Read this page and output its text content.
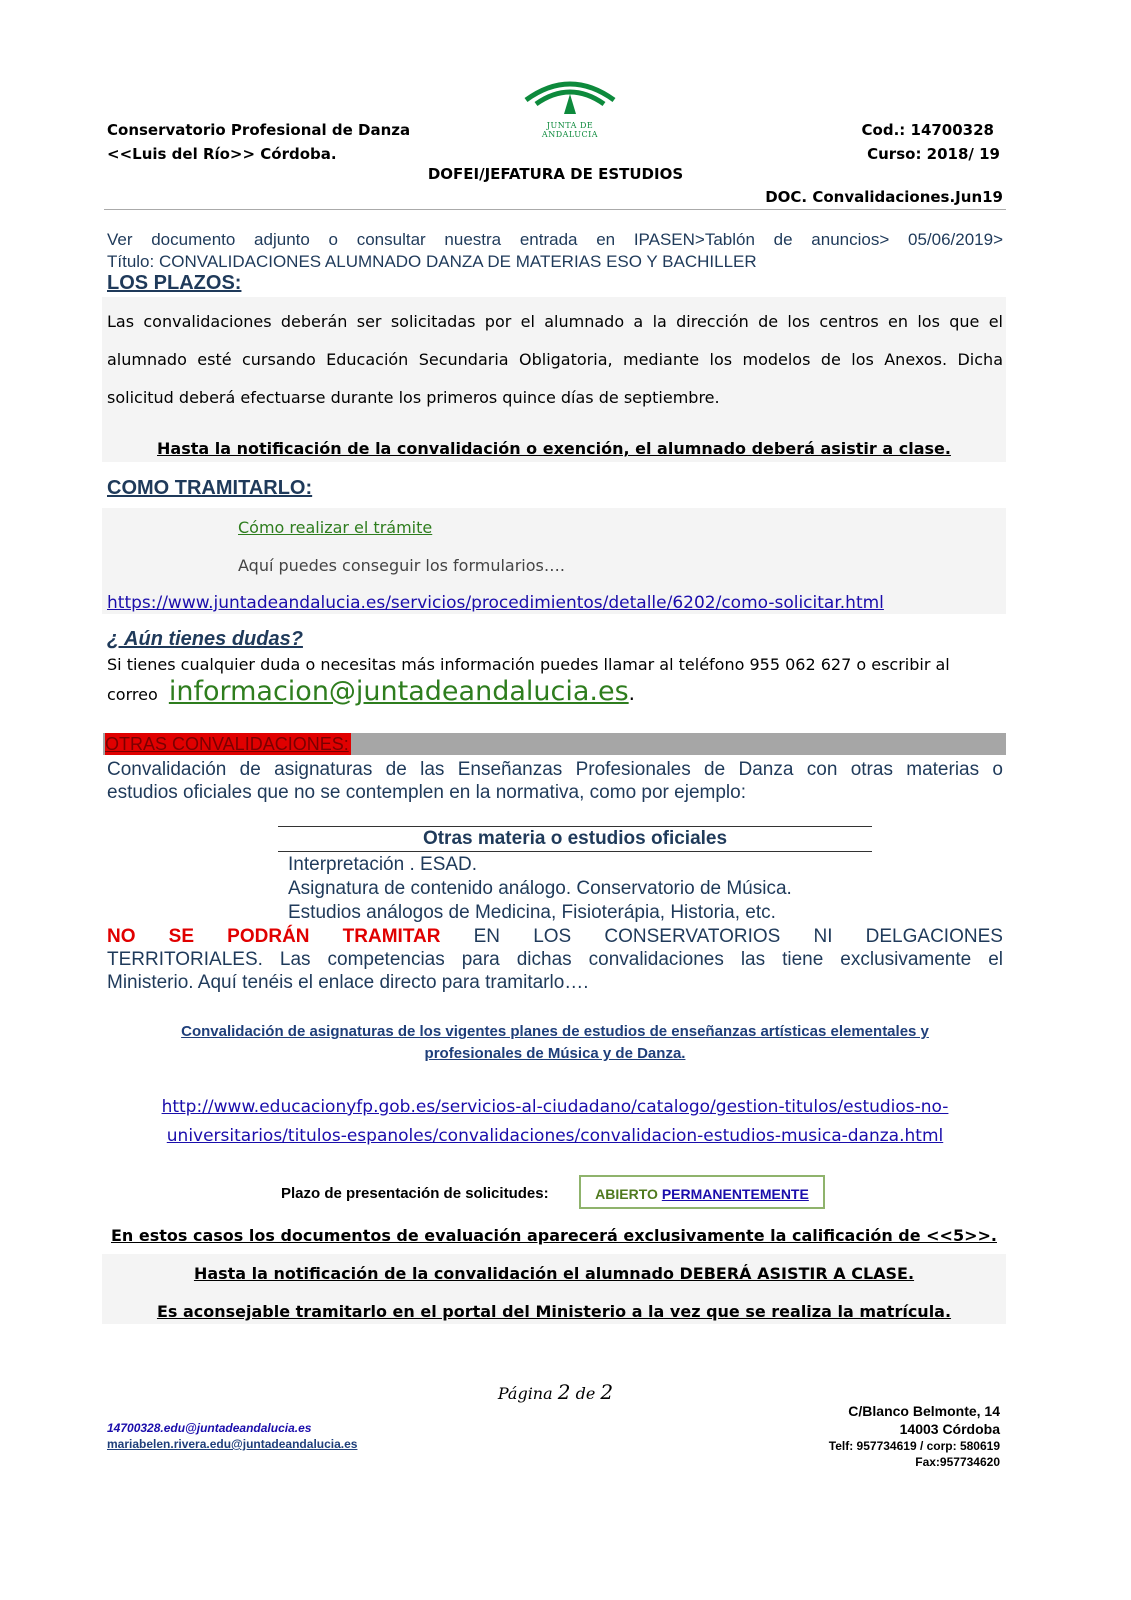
JUNTA DE ANDALUCIA
Conservatorio Profesional de Danza
<<Luis del Río>> Córdoba.
Cod.: 14700328
Curso: 2018/ 19
DOFEI/JEFATURA DE ESTUDIOS
DOC. Convalidaciones.Jun19
Ver documento adjunto o consultar nuestra entrada en IPASEN>Tablón de anuncios> 05/06/2019>
Título: CONVALIDACIONES ALUMNADO DANZA DE MATERIAS ESO Y BACHILLER
LOS PLAZOS:
Las convalidaciones deberán ser solicitadas por el alumnado a la dirección de los centros en los que el
alumnado esté cursando Educación Secundaria Obligatoria, mediante los modelos de los Anexos. Dicha
solicitud deberá efectuarse durante los primeros quince días de septiembre.
Hasta la notificación de la convalidación o exención, el alumnado deberá asistir a clase.
COMO TRAMITARLO:
Cómo realizar el trámite
Aquí puedes conseguir los formularios….
https://www.juntadeandalucia.es/servicios/procedimientos/detalle/6202/como-solicitar.html
¿ Aún tienes dudas?
Si tienes cualquier duda o necesitas más información puedes llamar al teléfono 955 062 627 o escribir al
correo informacion@juntadeandalucia.es.
OTRAS CONVALIDACIONES:
Convalidación de asignaturas de las Enseñanzas Profesionales de Danza con otras materias o
estudios oficiales que no se contemplen en la normativa, como por ejemplo:
Otras materia o estudios oficiales
Interpretación . ESAD.
Asignatura de contenido análogo. Conservatorio de Música.
Estudios análogos de Medicina, Fisioterápia, Historia, etc.
NO SE PODRÁN TRAMITAR EN LOS CONSERVATORIOS NI DELGACIONES
TERRITORIALES. Las competencias para dichas convalidaciones las tiene exclusivamente el
Ministerio. Aquí tenéis el enlace directo para tramitarlo….
Convalidación de asignaturas de los vigentes planes de estudios de enseñanzas artísticas elementales y
profesionales de Música y de Danza.
http://www.educacionyfp.gob.es/servicios-al-ciudadano/catalogo/gestion-titulos/estudios-no-
universitarios/titulos-espanoles/convalidaciones/convalidacion-estudios-musica-danza.html
Plazo de presentación de solicitudes:	ABIERTO PERMANENTEMENTE
En estos casos los documentos de evaluación aparecerá exclusivamente la calificación de <<5>>.
Hasta la notificación de la convalidación el alumnado DEBERÁ ASISTIR A CLASE.
Es aconsejable tramitarlo en el portal del Ministerio a la vez que se realiza la matrícula.
Página 2 de 2
14700328.edu@juntadeandalucia.es
mariabelen.rivera.edu@juntadeandalucia.es
C/Blanco Belmonte, 14
14003 Córdoba
Telf: 957734619 / corp: 580619
Fax:957734620
